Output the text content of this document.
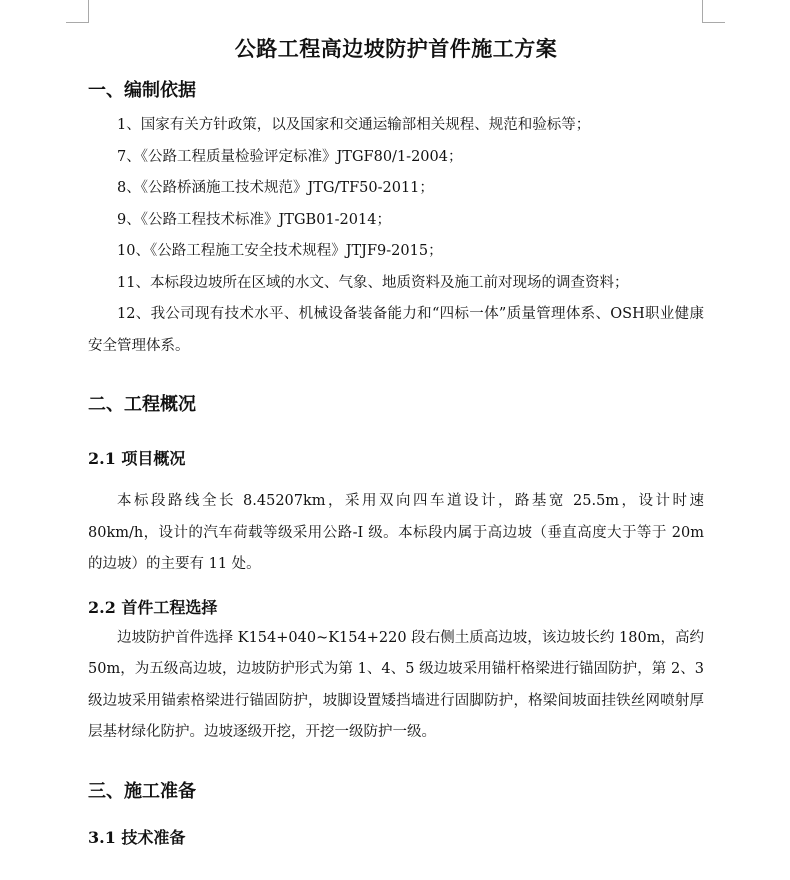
公路工程高边坡防护首件施工方案
一、编制依据

1、国家有关方针政策，以及国家和交通运输部相关规程、规范和验标等；

7、《公路工程质量检验评定标准》JTGF80/1-2004；

8、《公路桥涵施工技术规范》JTG/TF50-2011；

9、《公路工程技术标准》JTGB01-2014；

10、《公路工程施工安全技术规程》JTJF9-2015；

11、本标段边坡所在区域的水文、气象、地质资料及施工前对现场的调查资料；

12、我公司现有技术水平、机械设备装备能力和“四标一体”质量管理体系、OSH职业健康安全管理体系。

二、工程概况
2.1 项目概况

本标段路线全长 8.45207km，采用双向四车道设计，路基宽 25.5m，设计时速 80km/h，设计的汽车荷载等级采用公路-I 级。本标段内属于高边坡（垂直高度大于等于 20m 的边坡）的主要有 11 处。

2.2 首件工程选择

边坡防护首件选择 K154+040~K154+220 段右侧土质高边坡，该边坡长约 180m，高约 50m，为五级高边坡，边坡防护形式为第 1、4、5 级边坡采用锚杆格梁进行锚固防护，第 2、3 级边坡采用锚索格梁进行锚固防护，坡脚设置矮挡墙进行固脚防护，格梁间坡面挂铁丝网喷射厚层基材绿化防护。边坡逐级开挖，开挖一级防护一级。

三、施工准备
3.1 技术准备
